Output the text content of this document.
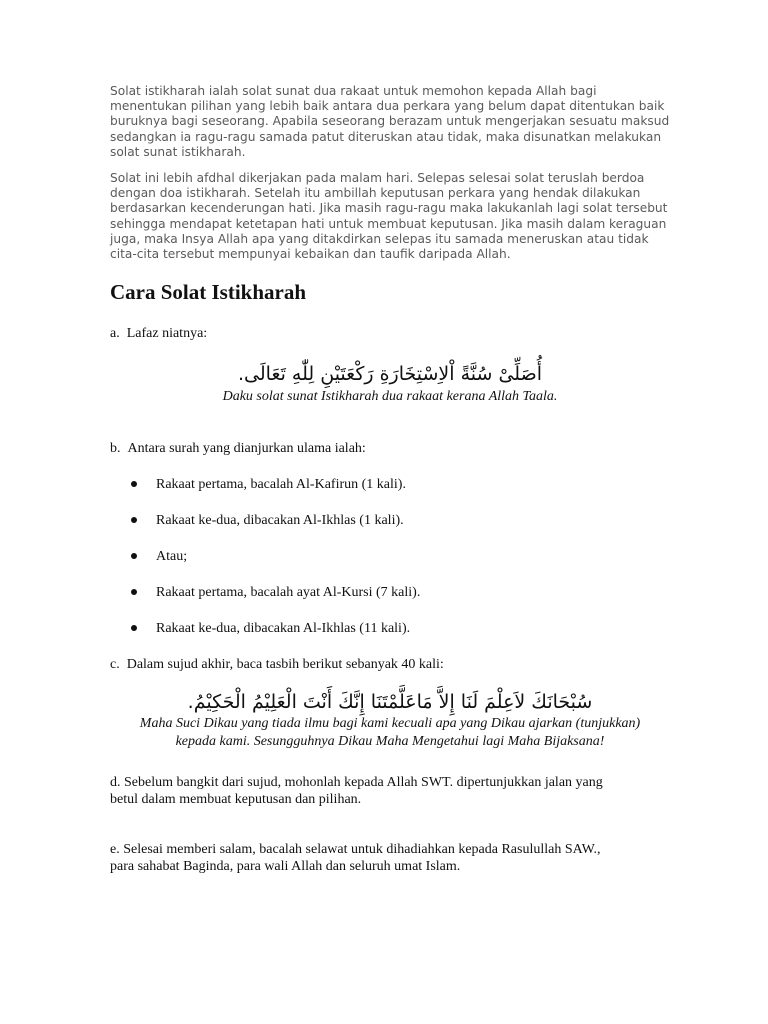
Solat istikharah ialah solat sunat dua rakaat untuk memohon kepada Allah bagi menentukan pilihan yang lebih baik antara dua perkara yang belum dapat ditentukan baik buruknya bagi seseorang. Apabila seseorang berazam untuk mengerjakan sesuatu maksud sedangkan ia ragu-ragu samada patut diteruskan atau tidak, maka disunatkan melakukan solat sunat istikharah.

Solat ini lebih afdhal dikerjakan pada malam hari. Selepas selesai solat teruslah berdoa dengan doa istikharah. Setelah itu ambillah keputusan perkara yang hendak dilakukan berdasarkan kecenderungan hati. Jika masih ragu-ragu maka lakukanlah lagi solat tersebut sehingga mendapat ketetapan hati untuk membuat keputusan. Jika masih dalam keraguan juga, maka Insya Allah apa yang ditakdirkan selepas itu samada meneruskan atau tidak cita-cita tersebut mempunyai kebaikan dan taufik daripada Allah.

Cara Solat Istikharah

a. Lafaz niatnya:

أُصَلِّىْ سُنَّةً اْلاِسْتِخَارَةِ رَكْعَتَيْنِ لِلّٰهِ تَعَالَى.

Daku solat sunat Istikharah dua rakaat kerana Allah Taala.

b. Antara surah yang dianjurkan ulama ialah:

Rakaat pertama, bacalah Al-Kafirun (1 kali).
Rakaat ke-dua, dibacakan Al-Ikhlas (1 kali).
Atau;
Rakaat pertama, bacalah ayat Al-Kursi (7 kali).
Rakaat ke-dua, dibacakan Al-Ikhlas (11 kali).

c. Dalam sujud akhir, baca tasbih berikut sebanyak 40 kali:

سُبْحَانَكَ لاَعِلْمَ لَنَا إِلاَّ مَاعَلَّمْتَنَا إِنَّكَ أَنْتَ الْعَلِيْمُ الْحَكِيْمُ.

Maha Suci Dikau yang tiada ilmu bagi kami kecuali apa yang Dikau ajarkan (tunjukkan)

kepada kami. Sesungguhnya Dikau Maha Mengetahui lagi Maha Bijaksana!

d. Sebelum bangkit dari sujud, mohonlah kepada Allah SWT. dipertunjukkan jalan yang

betul dalam membuat keputusan dan pilihan.

e. Selesai memberi salam, bacalah selawat untuk dihadiahkan kepada Rasulullah SAW.,

para sahabat Baginda, para wali Allah dan seluruh umat Islam.
